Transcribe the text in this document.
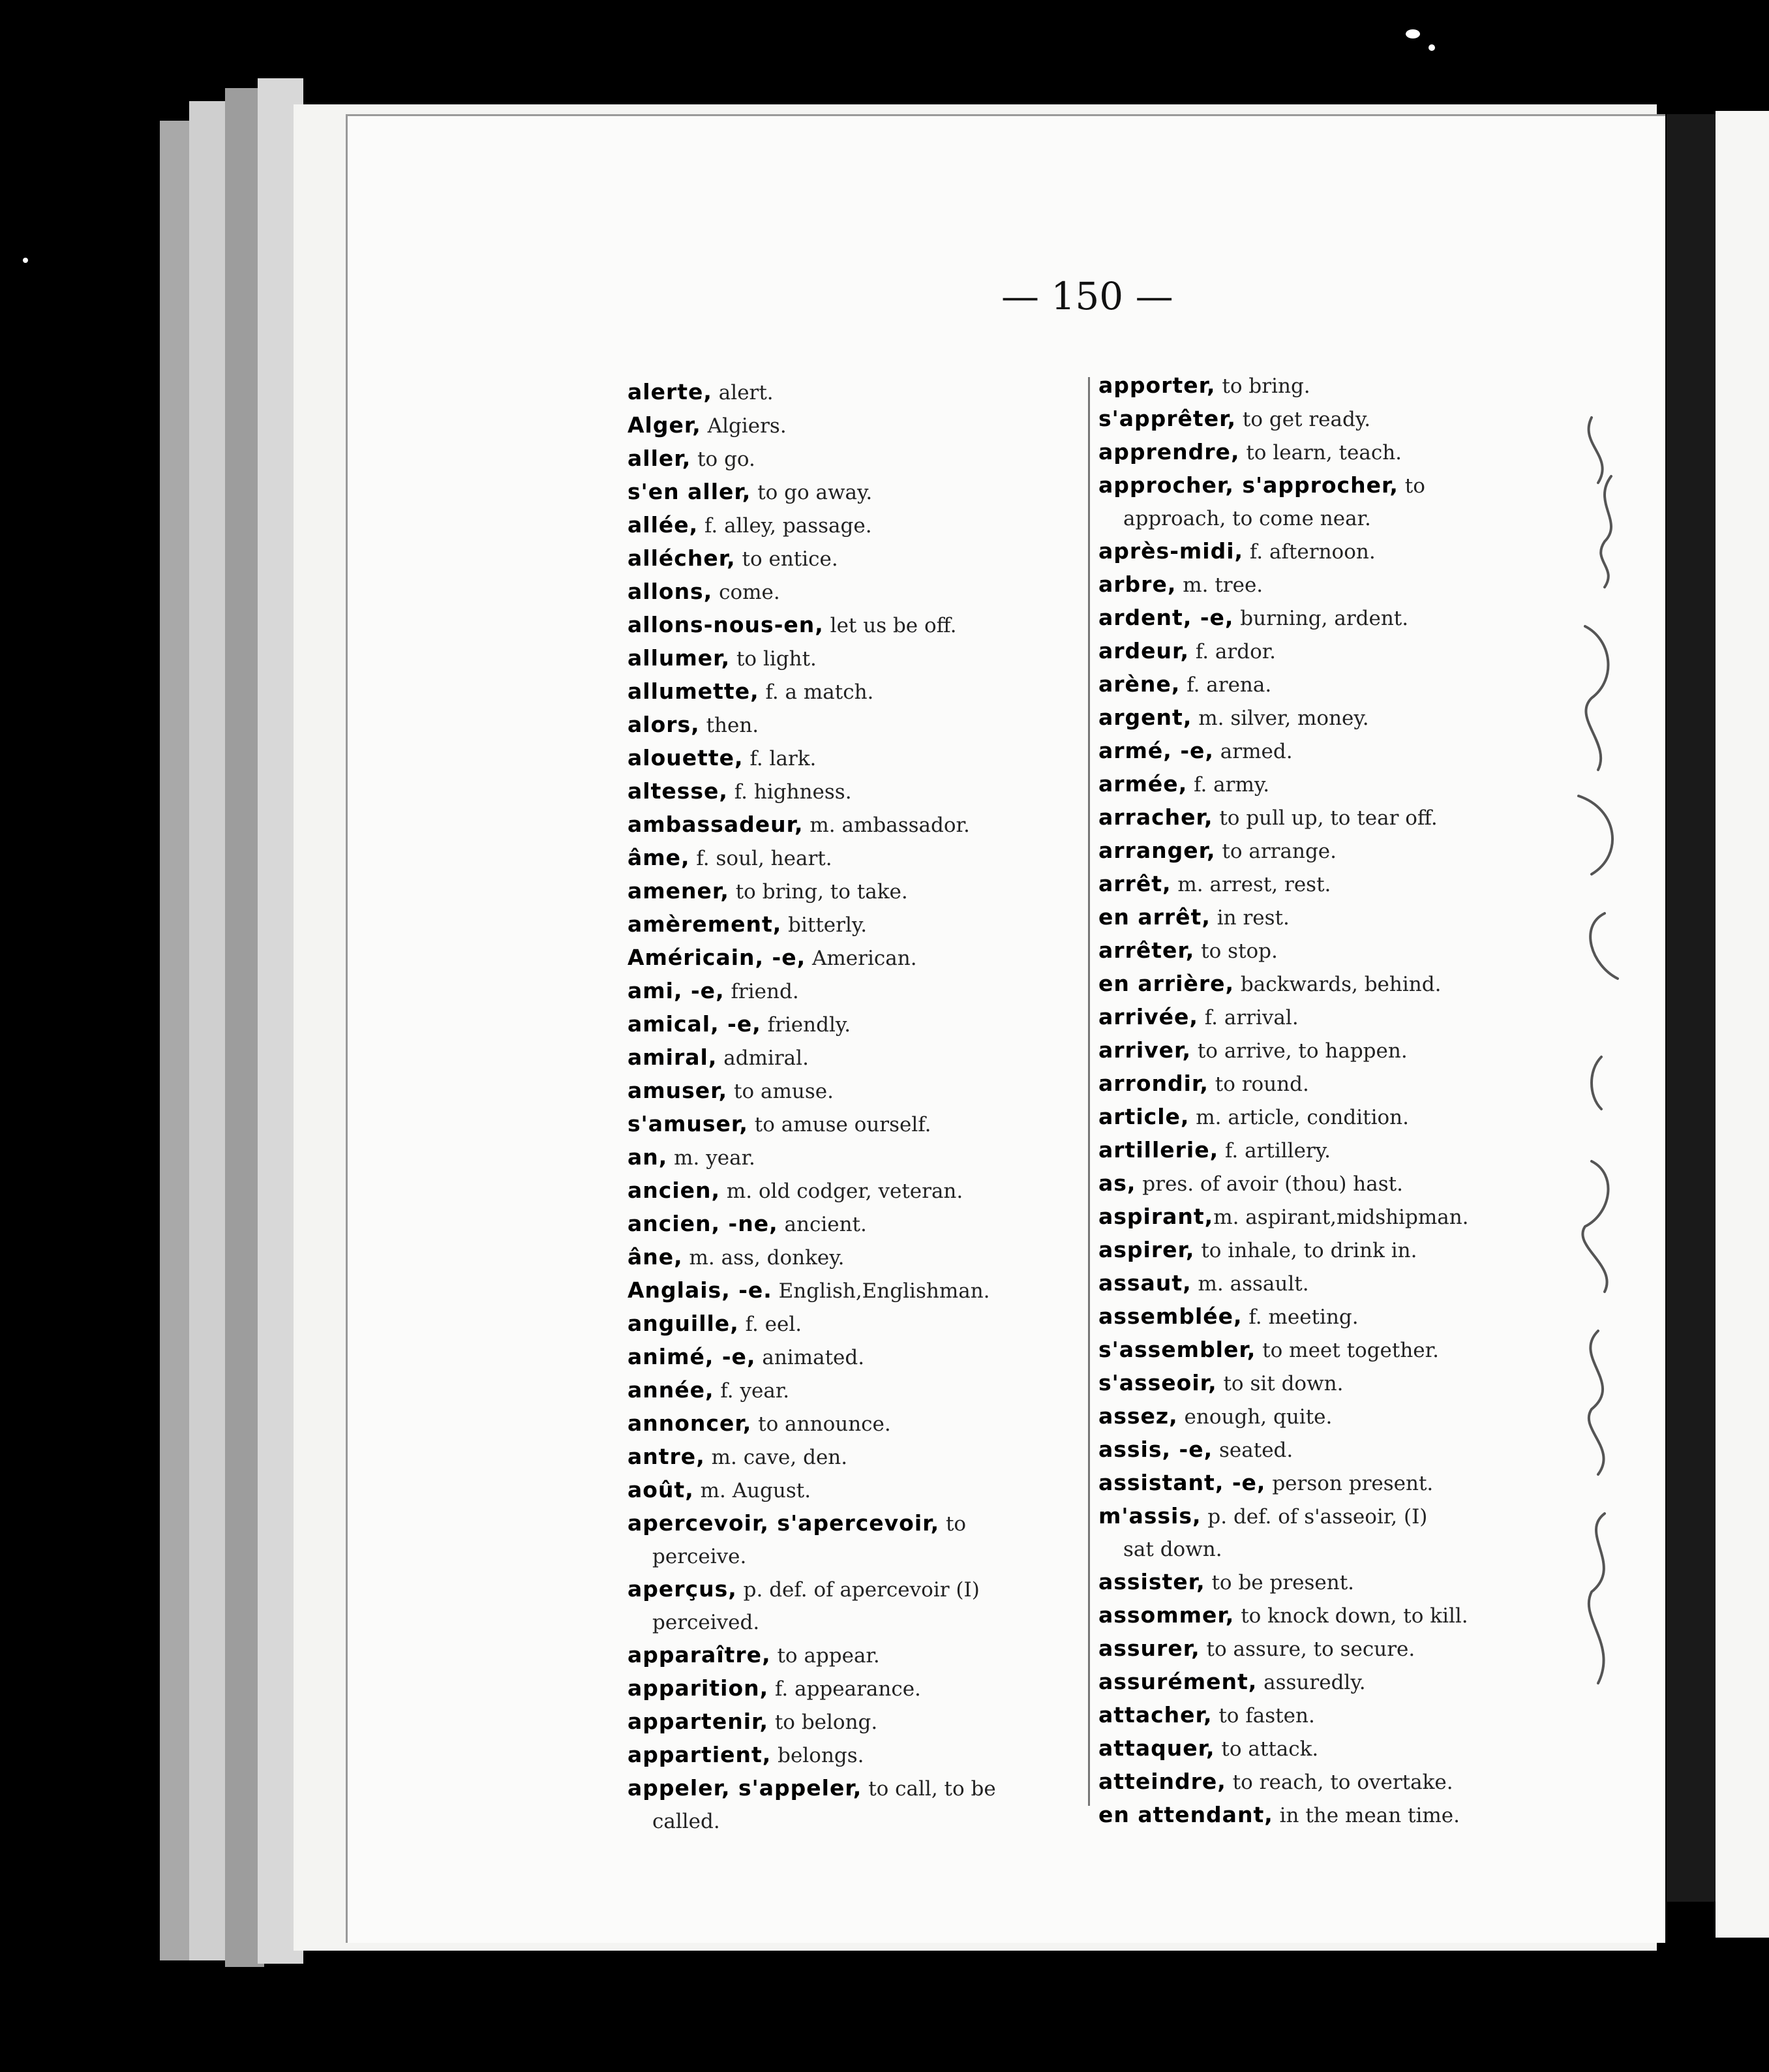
— 150 —
alerte, alert.
Alger, Algiers.
aller, to go.
s'en aller, to go away.
allée, f. alley, passage.
allécher, to entice.
allons, come.
allons-nous-en, let us be off.
allumer, to light.
allumette, f. a match.
alors, then.
alouette, f. lark.
altesse, f. highness.
ambassadeur, m. ambassador.
âme, f. soul, heart.
amener, to bring, to take.
amèrement, bitterly.
Américain, -e, American.
ami, -e, friend.
amical, -e, friendly.
amiral, admiral.
amuser, to amuse.
s'amuser, to amuse ourself.
an, m. year.
ancien, m. old codger, veteran.
ancien, -ne, ancient.
âne, m. ass, donkey.
Anglais, -e. English,Englishman.
anguille, f. eel.
animé, -e, animated.
année, f. year.
annoncer, to announce.
antre, m. cave, den.
août, m. August.
apercevoir, s'apercevoir, to
perceive.
aperçus, p. def. of apercevoir (I)
perceived.
apparaître, to appear.
apparition, f. appearance.
appartenir, to belong.
appartient, belongs.
appeler, s'appeler, to call, to be
called.
apporter, to bring.
s'apprêter, to get ready.
apprendre, to learn, teach.
approcher, s'approcher, to
approach, to come near.
après-midi, f. afternoon.
arbre, m. tree.
ardent, -e, burning, ardent.
ardeur, f. ardor.
arène, f. arena.
argent, m. silver, money.
armé, -e, armed.
armée, f. army.
arracher, to pull up, to tear off.
arranger, to arrange.
arrêt, m. arrest, rest.
en arrêt, in rest.
arrêter, to stop.
en arrière, backwards, behind.
arrivée, f. arrival.
arriver, to arrive, to happen.
arrondir, to round.
article, m. article, condition.
artillerie, f. artillery.
as, pres. of avoir (thou) hast.
aspirant,m. aspirant,midshipman.
aspirer, to inhale, to drink in.
assaut, m. assault.
assemblée, f. meeting.
s'assembler, to meet together.
s'asseoir, to sit down.
assez, enough, quite.
assis, -e, seated.
assistant, -e, person present.
m'assis, p. def. of s'asseoir, (I)
sat down.
assister, to be present.
assommer, to knock down, to kill.
assurer, to assure, to secure.
assurément, assuredly.
attacher, to fasten.
attaquer, to attack.
atteindre, to reach, to overtake.
en attendant, in the mean time.
